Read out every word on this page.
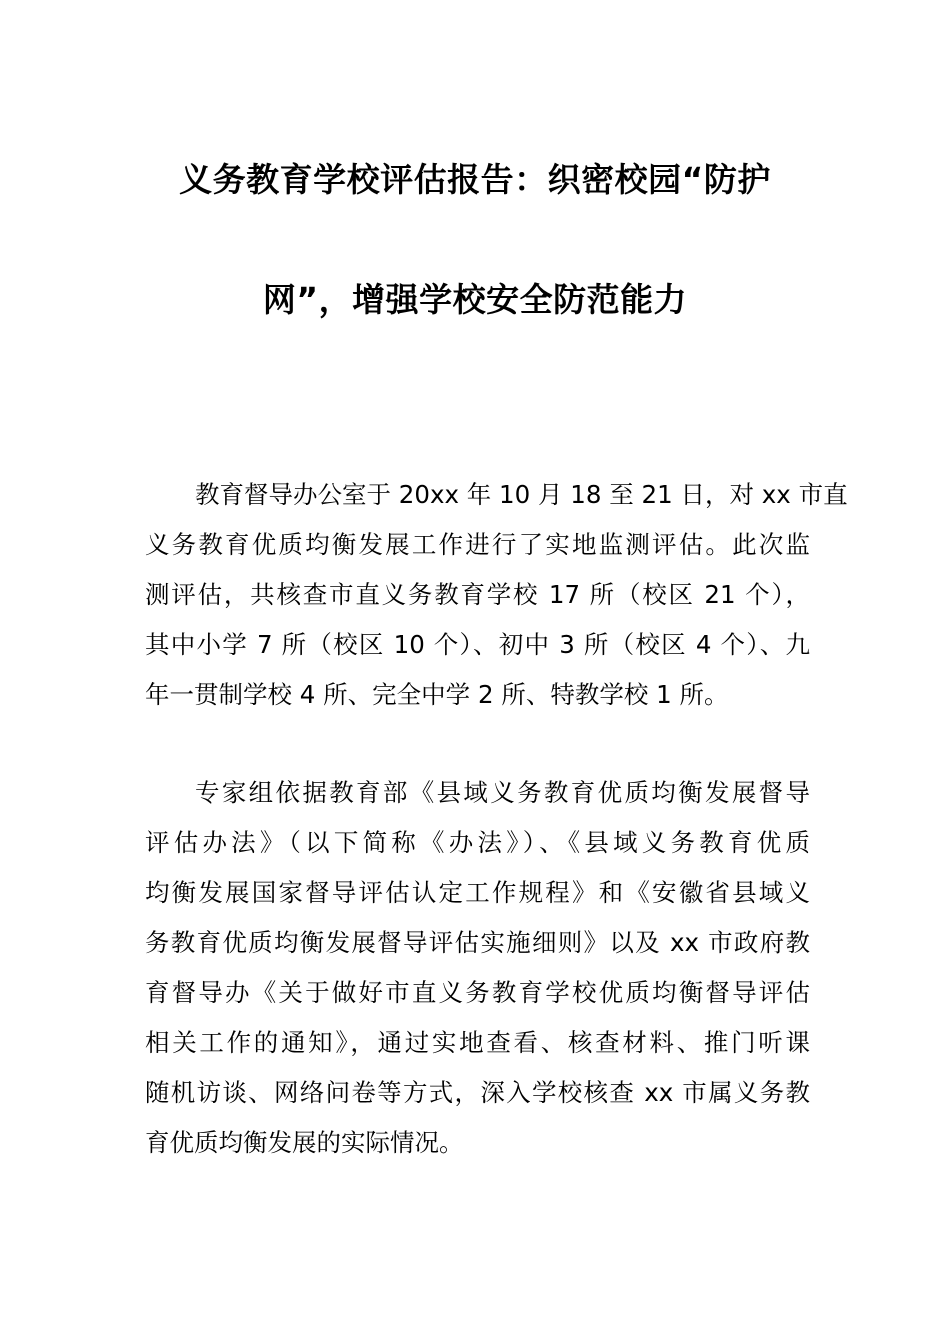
义务教育学校评估报告：织密校园“防护
网”，增强学校安全防范能力
教育督导办公室于 20xx 年 10 月 18 至 21 日，对 xx 市直
义务教育优质均衡发展工作进行了实地监测评估。此次监
测评估，共核查市直义务教育学校 17 所（校区 21 个），
其中小学 7 所（校区 10 个）、初中 3 所（校区 4 个）、九
年一贯制学校 4 所、完全中学 2 所、特教学校 1 所。
专家组依据教育部《县域义务教育优质均衡发展督导
评估办法》（以下简称《办法》）、《县域义务教育优质
均衡发展国家督导评估认定工作规程》和《安徽省县域义
务教育优质均衡发展督导评估实施细则》以及 xx 市政府教
育督导办《关于做好市直义务教育学校优质均衡督导评估
相关工作的通知》，通过实地查看、核查材料、推门听课
随机访谈、网络问卷等方式，深入学校核查 xx 市属义务教
育优质均衡发展的实际情况。
